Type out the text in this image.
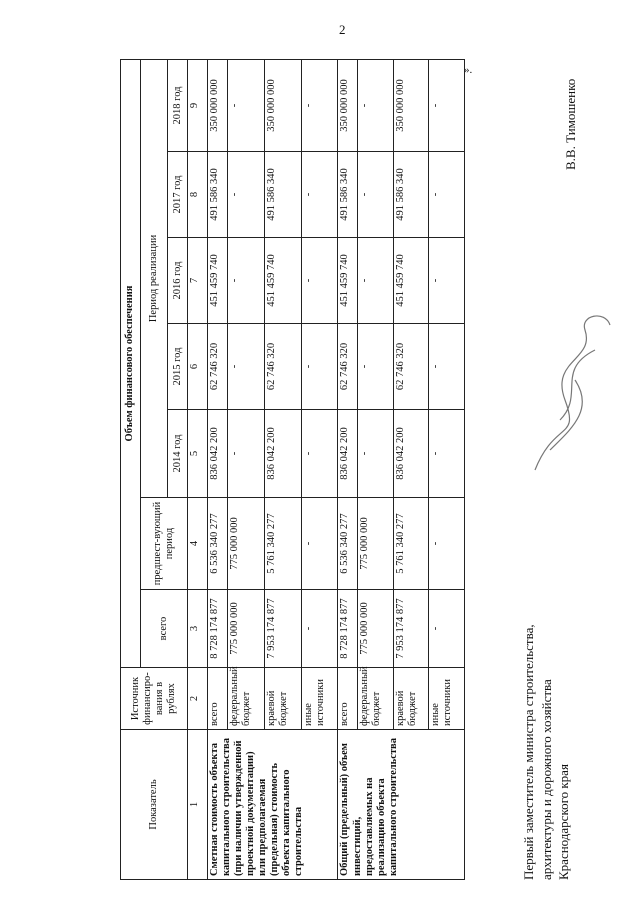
2
».
Показатель	Источник финансиро-вания в рублях	Объем финансового обеспечения						
		всего	предшест-вующий период	Период реализации				
				2014 год	2015 год	2016 год	2017 год	2018 год
1	2	3	4	5	6	7	8	9
Сметная стоимость объекта капитального строительства (при наличии утвержденной проектной документации) или предполагаемая (предельная) стоимость объекта капитального строительства	всего	8 728 174 877	6 536 340 277	836 042 200	62 746 320	451 459 740	491 586 340	350 000 000
	федеральный бюджет	775 000 000	775 000 000	-	-	-	-	-
	краевой бюджет	7 953 174 877	5 761 340 277	836 042 200	62 746 320	451 459 740	491 586 340	350 000 000
	иные источники	-	-	-	-	-	-	-
Общий (предельный) объем инвестиций, предоставляемых на реализацию объекта капитального строительства	всего	8 728 174 877	6 536 340 277	836 042 200	62 746 320	451 459 740	491 586 340	350 000 000
	федеральный бюджет	775 000 000	775 000 000	-	-	-	-	-
	краевой бюджет	7 953 174 877	5 761 340 277	836 042 200	62 746 320	451 459 740	491 586 340	350 000 000
	иные источники	-	-	-	-	-	-	-
Первый заместитель министра строительства, архитектуры и дорожного хозяйства Краснодарского края
В.В. Тимошенко
